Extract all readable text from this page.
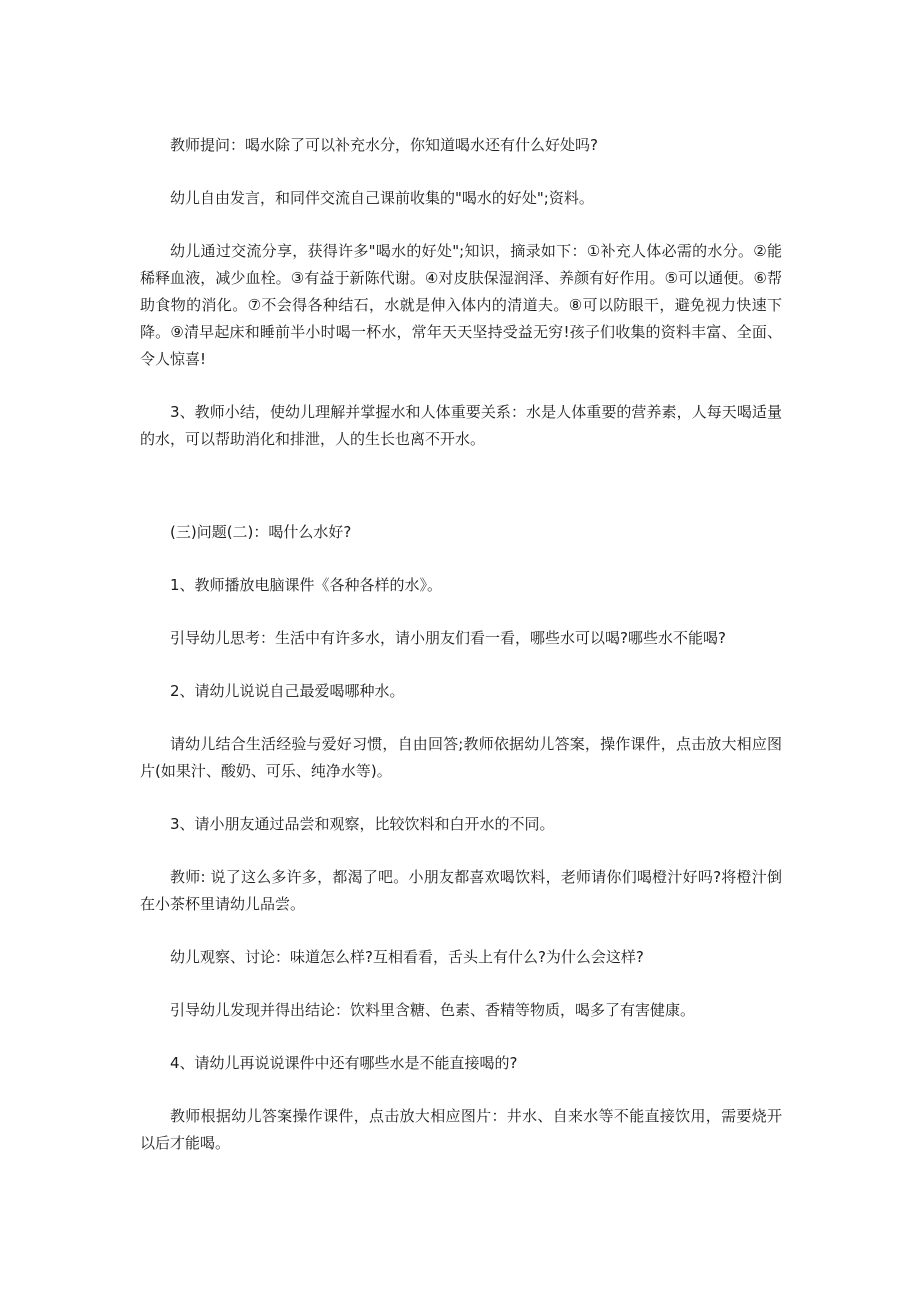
教师提问：喝水除了可以补充水分，你知道喝水还有什么好处吗?

幼儿自由发言，和同伴交流自己课前收集的"喝水的好处";资料。

幼儿通过交流分享，获得许多"喝水的好处";知识，摘录如下：①补充人体必需的水分。②能稀释血液，减少血栓。③有益于新陈代谢。④对皮肤保湿润泽、养颜有好作用。⑤可以通便。⑥帮助食物的消化。⑦不会得各种结石，水就是伸入体内的清道夫。⑧可以防眼干，避免视力快速下降。⑨清早起床和睡前半小时喝一杯水，常年天天坚持受益无穷!孩子们收集的资料丰富、全面、令人惊喜!

3、教师小结，使幼儿理解并掌握水和人体重要关系：水是人体重要的营养素，人每天喝适量的水，可以帮助消化和排泄，人的生长也离不开水。

(三)问题(二)：喝什么水好?

1、教师播放电脑课件《各种各样的水》。

引导幼儿思考：生活中有许多水，请小朋友们看一看，哪些水可以喝?哪些水不能喝?

2、请幼儿说说自己最爱喝哪种水。

请幼儿结合生活经验与爱好习惯，自由回答;教师依据幼儿答案，操作课件，点击放大相应图片(如果汁、酸奶、可乐、纯净水等)。

3、请小朋友通过品尝和观察，比较饮料和白开水的不同。

教师: 说了这么多许多，都渴了吧。小朋友都喜欢喝饮料，老师请你们喝橙汁好吗?将橙汁倒在小茶杯里请幼儿品尝。

幼儿观察、讨论：味道怎么样?互相看看，舌头上有什么?为什么会这样?

引导幼儿发现并得出结论：饮料里含糖、色素、香精等物质，喝多了有害健康。

4、请幼儿再说说课件中还有哪些水是不能直接喝的?

教师根据幼儿答案操作课件，点击放大相应图片：井水、自来水等不能直接饮用，需要烧开以后才能喝。
